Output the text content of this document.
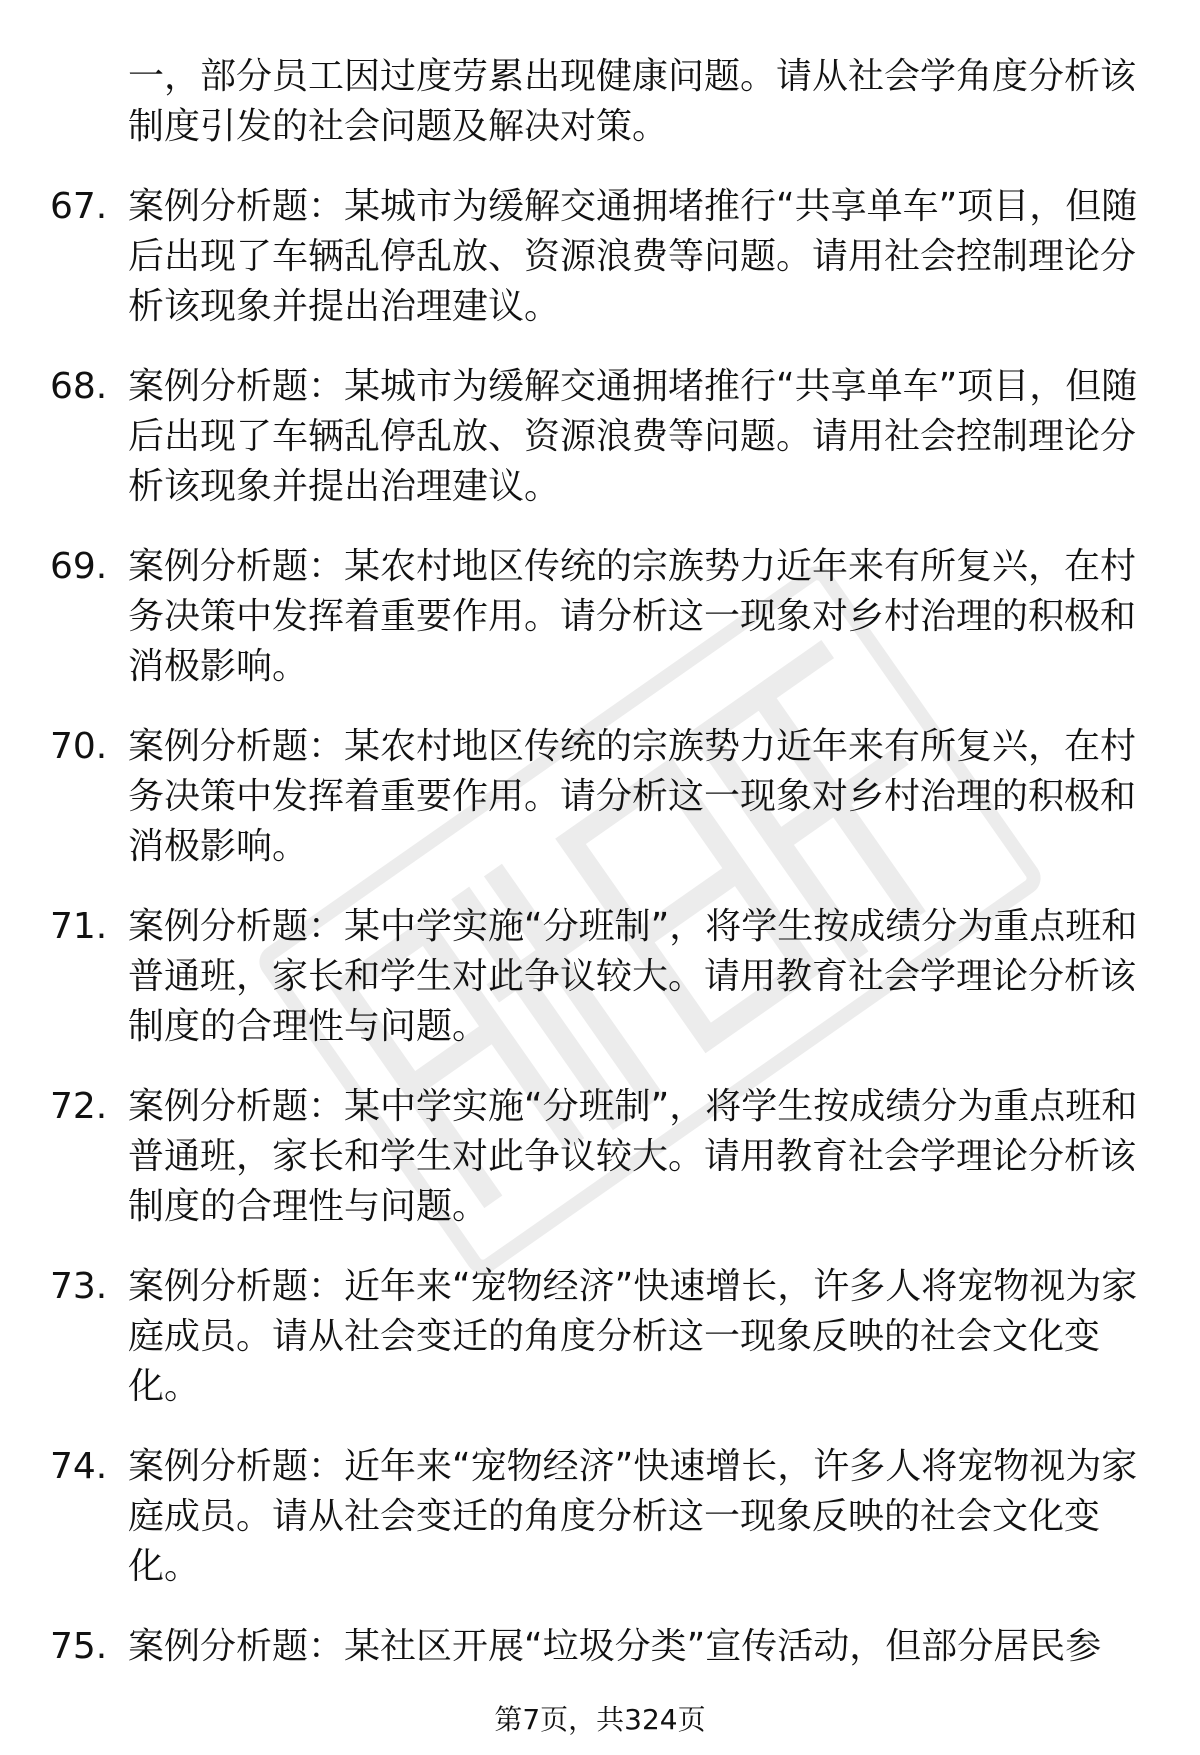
一，部分员工因过度劳累出现健康问题。请从社会学角度分析该制度引发的社会问题及解决对策。
67. 案例分析题：某城市为缓解交通拥堵推行“共享单车”项目，但随后出现了车辆乱停乱放、资源浪费等问题。请用社会控制理论分析该现象并提出治理建议。
68. 案例分析题：某城市为缓解交通拥堵推行“共享单车”项目，但随后出现了车辆乱停乱放、资源浪费等问题。请用社会控制理论分析该现象并提出治理建议。
69. 案例分析题：某农村地区传统的宗族势力近年来有所复兴，在村务决策中发挥着重要作用。请分析这一现象对乡村治理的积极和消极影响。
70. 案例分析题：某农村地区传统的宗族势力近年来有所复兴，在村务决策中发挥着重要作用。请分析这一现象对乡村治理的积极和消极影响。
71. 案例分析题：某中学实施“分班制”，将学生按成绩分为重点班和普通班，家长和学生对此争议较大。请用教育社会学理论分析该制度的合理性与问题。
72. 案例分析题：某中学实施“分班制”，将学生按成绩分为重点班和普通班，家长和学生对此争议较大。请用教育社会学理论分析该制度的合理性与问题。
73. 案例分析题：近年来“宠物经济”快速增长，许多人将宠物视为家庭成员。请从社会变迁的角度分析这一现象反映的社会文化变化。
74. 案例分析题：近年来“宠物经济”快速增长，许多人将宠物视为家庭成员。请从社会变迁的角度分析这一现象反映的社会文化变化。
75. 案例分析题：某社区开展“垃圾分类”宣传活动，但部分居民参
第7页，共324页
